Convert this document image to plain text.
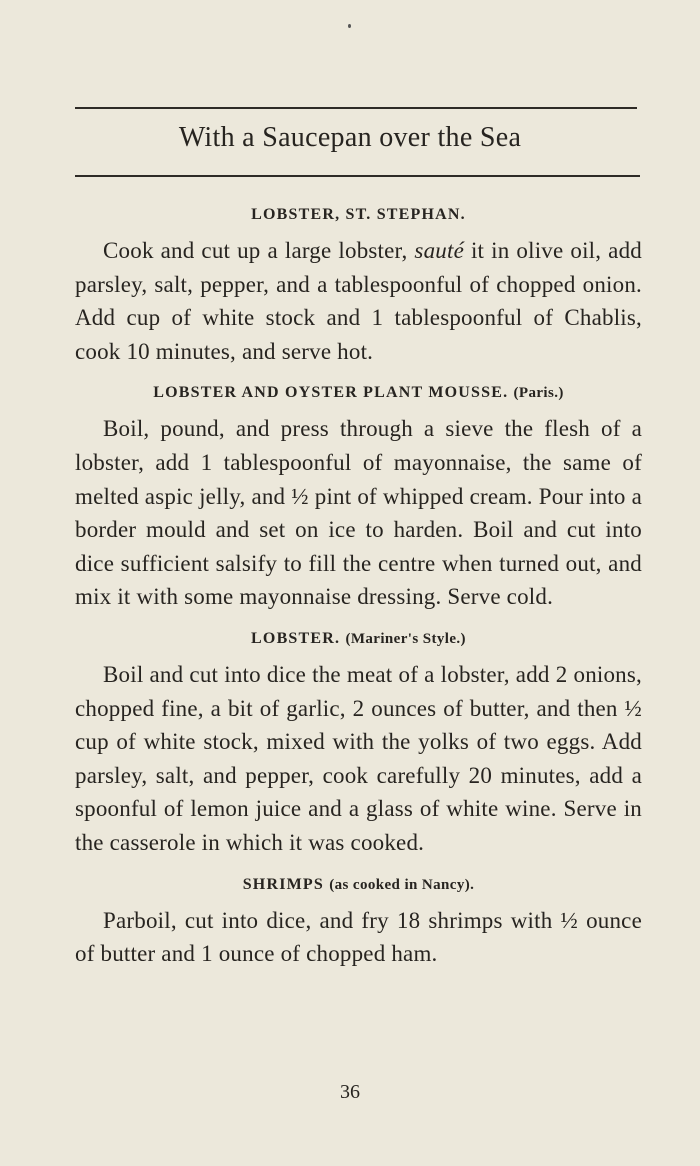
With a Saucepan over the Sea
LOBSTER, ST. STEPHAN.

Cook and cut up a large lobster, sauté it in olive oil, add parsley, salt, pepper, and a tablespoonful of chopped onion. Add cup of white stock and 1 tablespoonful of Chablis, cook 10 minutes, and serve hot.

LOBSTER AND OYSTER PLANT MOUSSE. (Paris.)

Boil, pound, and press through a sieve the flesh of a lobster, add 1 tablespoonful of mayonnaise, the same of melted aspic jelly, and ½ pint of whipped cream. Pour into a border mould and set on ice to harden. Boil and cut into dice sufficient salsify to fill the centre when turned out, and mix it with some mayonnaise dressing. Serve cold.

LOBSTER. (Mariner's Style.)

Boil and cut into dice the meat of a lobster, add 2 onions, chopped fine, a bit of garlic, 2 ounces of butter, and then ½ cup of white stock, mixed with the yolks of two eggs. Add parsley, salt, and pepper, cook carefully 20 minutes, add a spoonful of lemon juice and a glass of white wine. Serve in the casserole in which it was cooked.

SHRIMPS (as cooked in Nancy).

Parboil, cut into dice, and fry 18 shrimps with ½ ounce of butter and 1 ounce of chopped ham.

36
